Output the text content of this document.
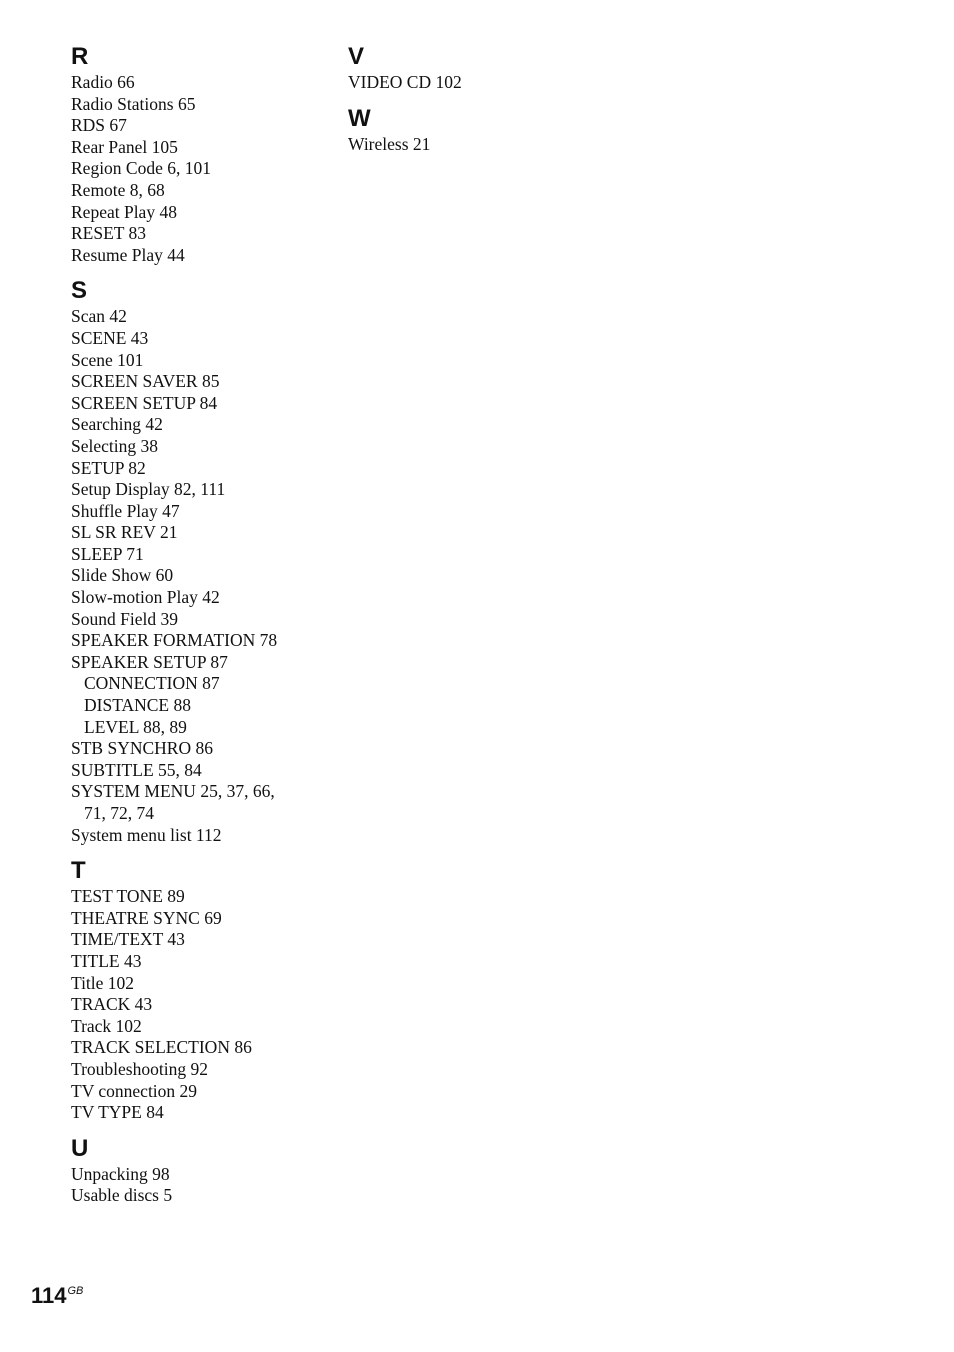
R
Radio 66
Radio Stations 65
RDS 67
Rear Panel 105
Region Code 6, 101
Remote 8, 68
Repeat Play 48
RESET 83
Resume Play 44
S
Scan 42
SCENE 43
Scene 101
SCREEN SAVER 85
SCREEN SETUP 84
Searching 42
Selecting 38
SETUP 82
Setup Display 82, 111
Shuffle Play 47
SL SR REV 21
SLEEP 71
Slide Show 60
Slow-motion Play 42
Sound Field 39
SPEAKER FORMATION 78
SPEAKER SETUP 87
CONNECTION 87
DISTANCE 88
LEVEL 88, 89
STB SYNCHRO 86
SUBTITLE 55, 84
SYSTEM MENU 25, 37, 66,
71, 72, 74
System menu list 112
T
TEST TONE 89
THEATRE SYNC 69
TIME/TEXT 43
TITLE 43
Title 102
TRACK 43
Track 102
TRACK SELECTION 86
Troubleshooting 92
TV connection 29
TV TYPE 84
U
Unpacking 98
Usable discs 5
V
VIDEO CD 102
W
Wireless 21
$114^{GB}$
